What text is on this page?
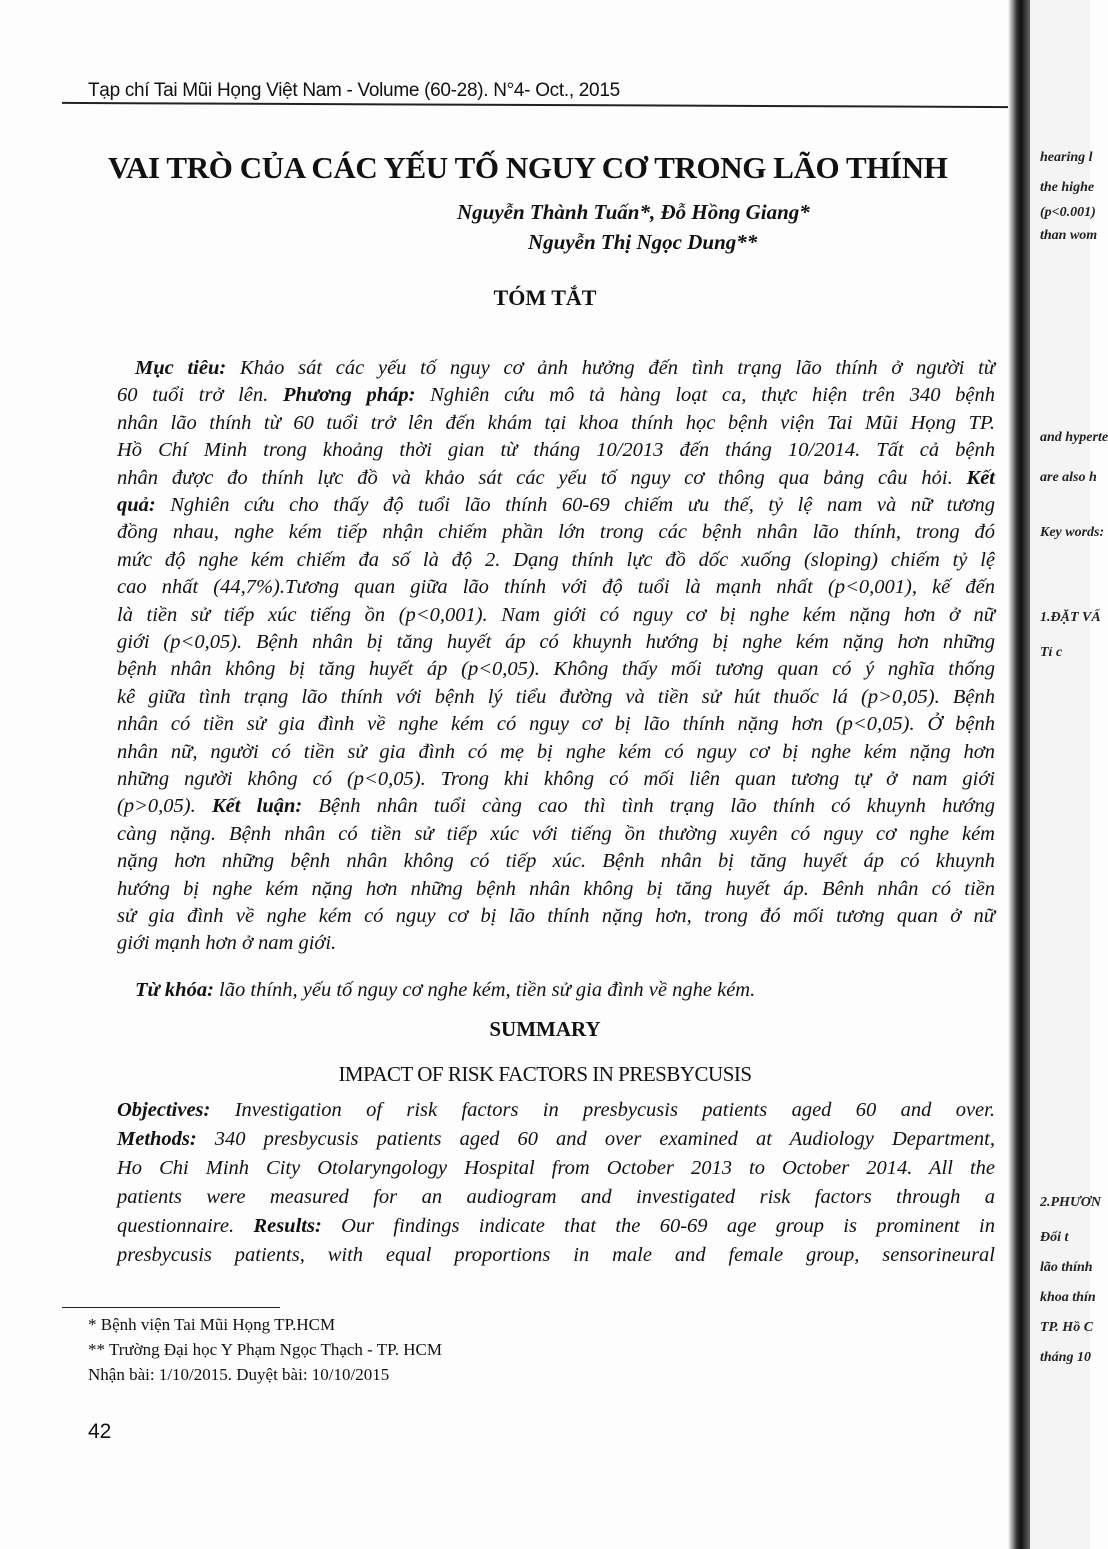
Tạp chí Tai Mũi Họng Việt Nam - Volume (60-28). N°4- Oct., 2015
VAI TRÒ CỦA CÁC YẾU TỐ NGUY CƠ TRONG LÃO THÍNH
Nguyễn Thành Tuấn*, Đỗ Hồng Giang*
Nguyễn Thị Ngọc Dung**
TÓM TẮT
Mục tiêu: Khảo sát các yếu tố nguy cơ ảnh hưởng đến tình trạng lão thính ở người từ
60 tuổi trở lên. Phương pháp: Nghiên cứu mô tả hàng loạt ca, thực hiện trên 340 bệnh
nhân lão thính từ 60 tuổi trở lên đến khám tại khoa thính học bệnh viện Tai Mũi Họng TP.
Hồ Chí Minh trong khoảng thời gian từ tháng 10/2013 đến tháng 10/2014. Tất cả bệnh
nhân được đo thính lực đồ và khảo sát các yếu tố nguy cơ thông qua bảng câu hỏi. Kết
quả: Nghiên cứu cho thấy độ tuổi lão thính 60-69 chiếm ưu thế, tỷ lệ nam và nữ tương
đồng nhau, nghe kém tiếp nhận chiếm phần lớn trong các bệnh nhân lão thính, trong đó
mức độ nghe kém chiếm đa số là độ 2. Dạng thính lực đồ dốc xuống (sloping) chiếm tỷ lệ
cao nhất (44,7%).Tương quan giữa lão thính với độ tuổi là mạnh nhất (p<0,001), kế đến
là tiền sử tiếp xúc tiếng ồn (p<0,001). Nam giới có nguy cơ bị nghe kém nặng hơn ở nữ
giới (p<0,05). Bệnh nhân bị tăng huyết áp có khuynh hướng bị nghe kém nặng hơn những
bệnh nhân không bị tăng huyết áp (p<0,05). Không thấy mối tương quan có ý nghĩa thống
kê giữa tình trạng lão thính với bệnh lý tiểu đường và tiền sử hút thuốc lá (p>0,05). Bệnh
nhân có tiền sử gia đình về nghe kém có nguy cơ bị lão thính nặng hơn (p<0,05). Ở bệnh
nhân nữ, người có tiền sử gia đình có mẹ bị nghe kém có nguy cơ bị nghe kém nặng hơn
những người không có (p<0,05). Trong khi không có mối liên quan tương tự ở nam giới
(p>0,05). Kết luận: Bệnh nhân tuổi càng cao thì tình trạng lão thính có khuynh hướng
càng nặng. Bệnh nhân có tiền sử tiếp xúc với tiếng ồn thường xuyên có nguy cơ nghe kém
nặng hơn những bệnh nhân không có tiếp xúc. Bệnh nhân bị tăng huyết áp có khuynh
hướng bị nghe kém nặng hơn những bệnh nhân không bị tăng huyết áp. Bênh nhân có tiền
sử gia đình về nghe kém có nguy cơ bị lão thính nặng hơn, trong đó mối tương quan ở nữ
giới mạnh hơn ở nam giới.
Từ khóa: lão thính, yếu tố nguy cơ nghe kém, tiền sử gia đình về nghe kém.
SUMMARY
IMPACT OF RISK FACTORS IN PRESBYCUSIS
Objectives: Investigation of risk factors in presbycusis patients aged 60 and over.
Methods: 340 presbycusis patients aged 60 and over examined at Audiology Department,
Ho Chi Minh City Otolaryngology Hospital from October 2013 to October 2014. All the
patients were measured for an audiogram and investigated risk factors through a
questionnaire. Results: Our findings indicate that the 60-69 age group is prominent in
presbycusis patients, with equal proportions in male and female group, sensorineural
* Bệnh viện Tai Mũi Họng TP.HCM
** Trường Đại học Y Phạm Ngọc Thạch - TP. HCM
Nhận bài: 1/10/2015. Duyệt bài: 10/10/2015
42
hearing l
the highe
(p<0.001)
than wom
and hyperte
are also h
Key words:
1.ĐẶT VẤ
Tỉ c
2.PHƯƠN
Đối t
lão thính
khoa thín
TP. Hồ C
tháng 10
